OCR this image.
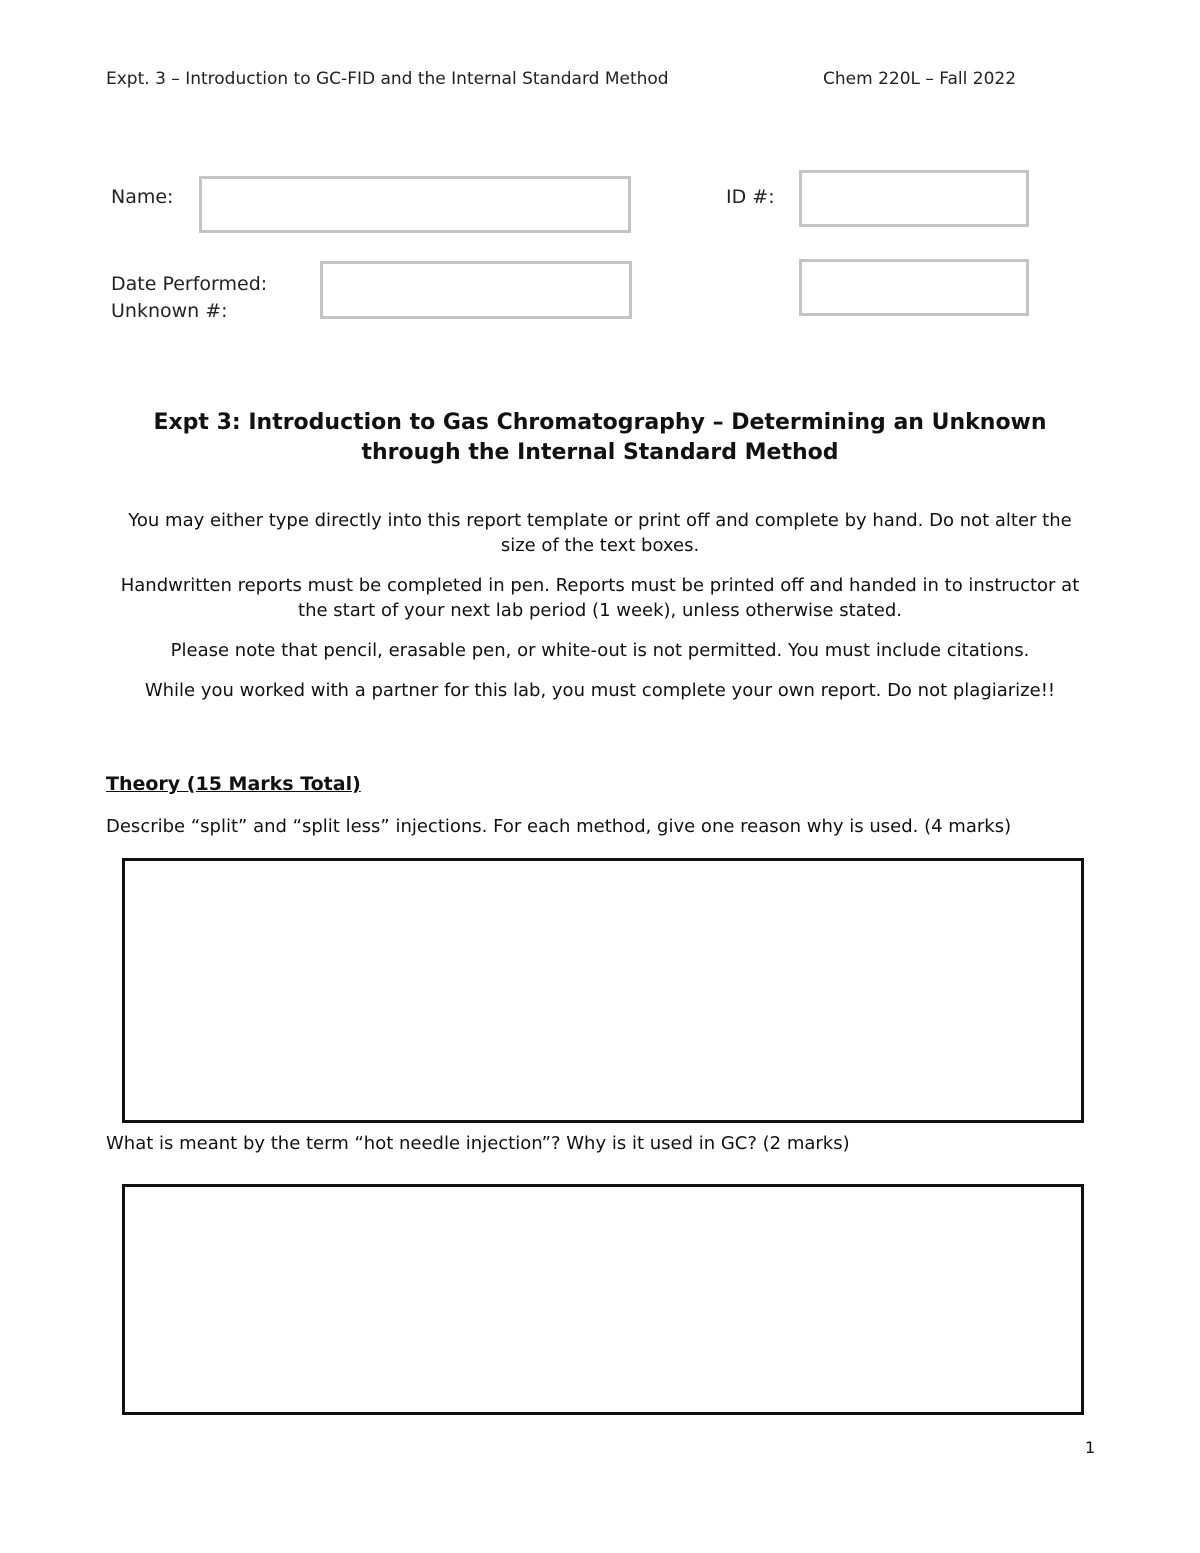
Expt. 3 – Introduction to GC-FID and the Internal Standard Method	Chem 220L – Fall 2022
Name:	ID #:
Date Performed:
Unknown #:
Expt 3: Introduction to Gas Chromatography – Determining an Unknown
through the Internal Standard Method

You may either type directly into this report template or print off and complete by hand. Do not alter the size of the text boxes.

Handwritten reports must be completed in pen. Reports must be printed off and handed in to instructor at the start of your next lab period (1 week), unless otherwise stated.

Please note that pencil, erasable pen, or white-out is not permitted. You must include citations.

While you worked with a partner for this lab, you must complete your own report. Do not plagiarize!!

Theory (15 Marks Total)
Describe “split” and “split less” injections. For each method, give one reason why is used. (4 marks)
What is meant by the term “hot needle injection”? Why is it used in GC? (2 marks)
1
